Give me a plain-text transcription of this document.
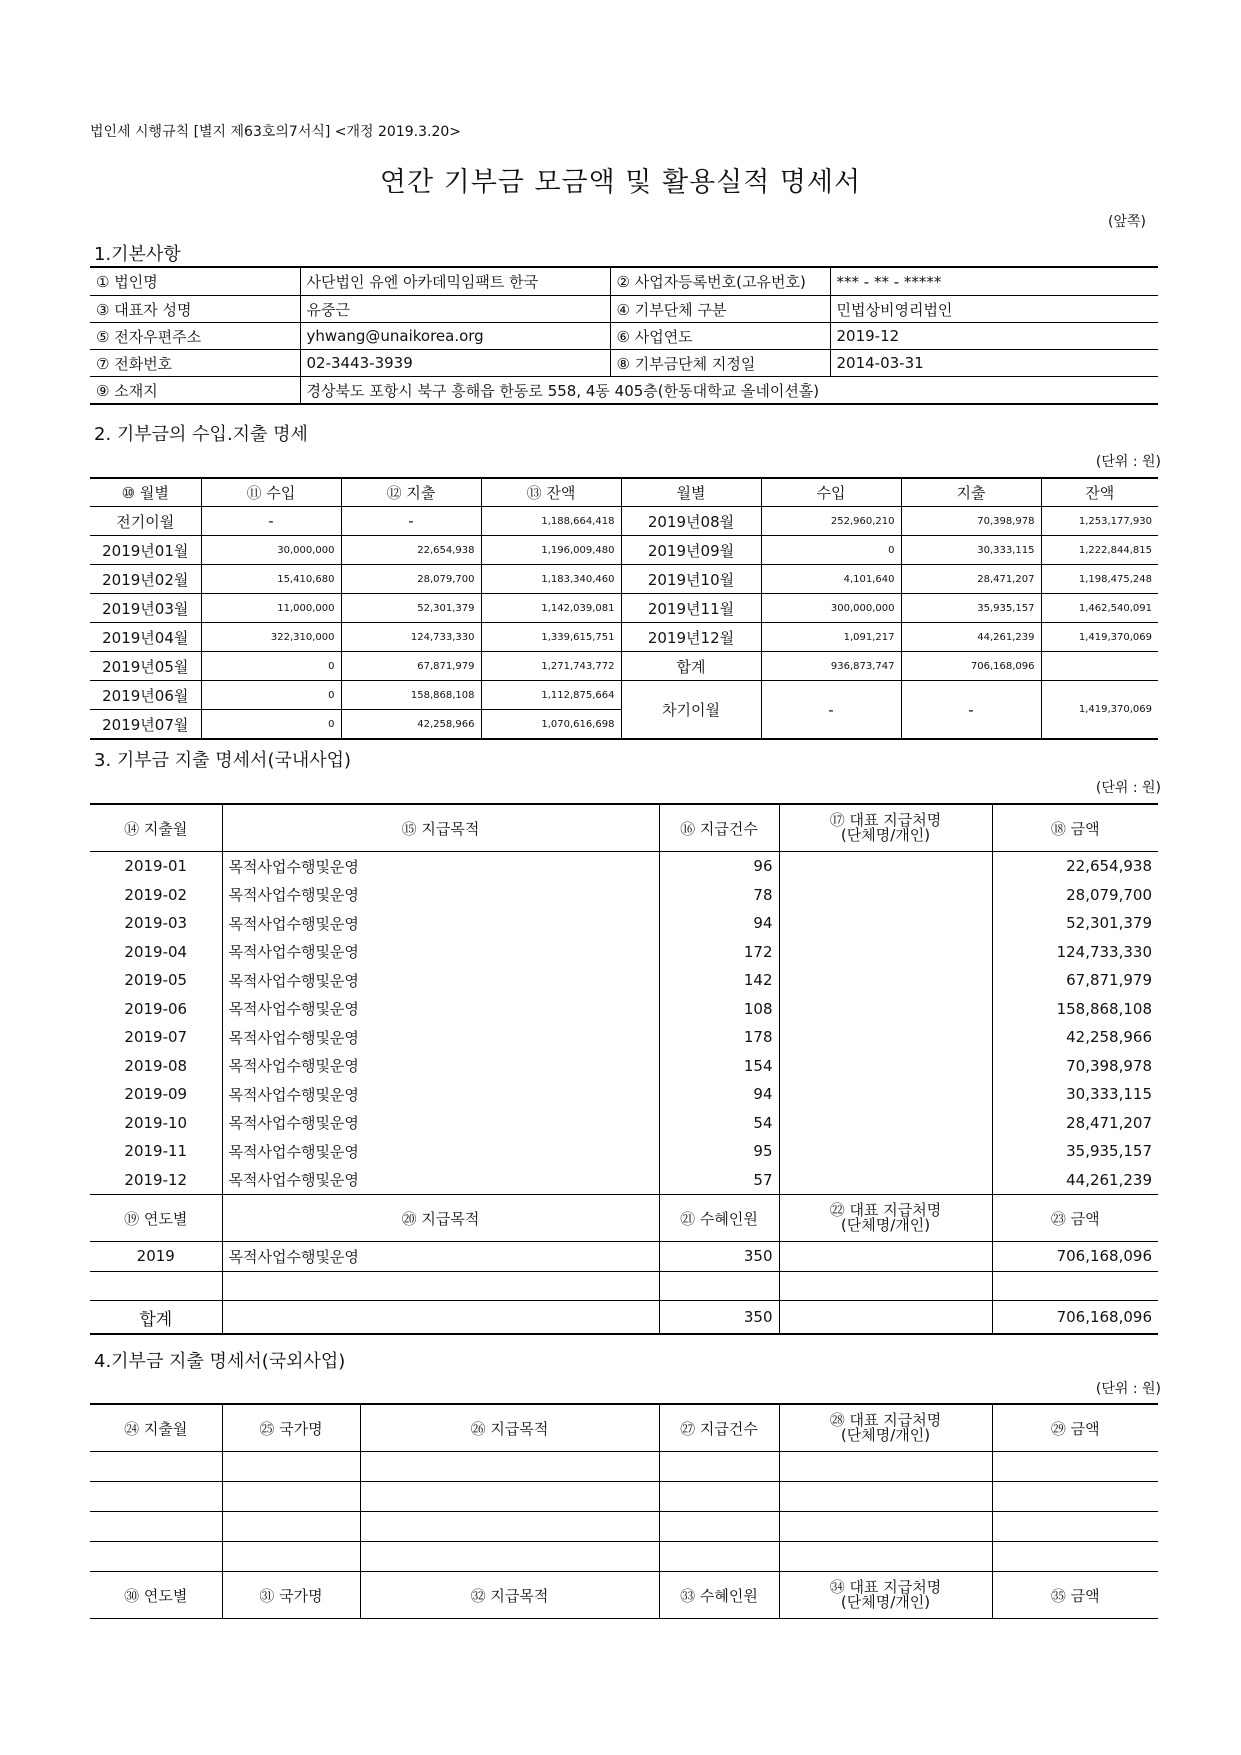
법인세 시행규칙 [별지 제63호의7서식] <개정 2019.3.20>
연간 기부금 모금액 및 활용실적 명세서
(앞쪽)
1.기본사항
① 법인명	사단법인 유엔 아카데믹임팩트 한국	② 사업자등록번호(고유번호)	*** - ** - *****
③ 대표자 성명	유중근	④ 기부단체 구분	민법상비영리법인
⑤ 전자우편주소	yhwang@unaikorea.org	⑥ 사업연도	2019-12
⑦ 전화번호	02-3443-3939	⑧ 기부금단체 지정일	2014-03-31
⑨ 소재지	경상북도 포항시 북구 흥해읍 한동로 558, 4동 405층(한동대학교 올네이션홀)		
2. 기부금의 수입.지출 명세
(단위 : 원)
⑩ 월별	⑪ 수입	⑫ 지출	⑬ 잔액	월별	수입	지출	잔액
전기이월	-	-	1,188,664,418	2019년08월	252,960,210	70,398,978	1,253,177,930
2019년01월	30,000,000	22,654,938	1,196,009,480	2019년09월	0	30,333,115	1,222,844,815
2019년02월	15,410,680	28,079,700	1,183,340,460	2019년10월	4,101,640	28,471,207	1,198,475,248
2019년03월	11,000,000	52,301,379	1,142,039,081	2019년11월	300,000,000	35,935,157	1,462,540,091
2019년04월	322,310,000	124,733,330	1,339,615,751	2019년12월	1,091,217	44,261,239	1,419,370,069
2019년05월	0	67,871,979	1,271,743,772	합계	936,873,747	706,168,096	
2019년06월	0	158,868,108	1,112,875,664	차기이월	-	-	1,419,370,069
2019년07월	0	42,258,966	1,070,616,698				
3. 기부금 지출 명세서(국내사업)
(단위 : 원)
⑭ 지출월	⑮ 지급목적	⑯ 지급건수	⑰ 대표 지급처명
(단체명/개인)	⑱ 금액
2019-01	목적사업수행및운영	96		22,654,938
2019-02	목적사업수행및운영	78		28,079,700
2019-03	목적사업수행및운영	94		52,301,379
2019-04	목적사업수행및운영	172		124,733,330
2019-05	목적사업수행및운영	142		67,871,979
2019-06	목적사업수행및운영	108		158,868,108
2019-07	목적사업수행및운영	178		42,258,966
2019-08	목적사업수행및운영	154		70,398,978
2019-09	목적사업수행및운영	94		30,333,115
2019-10	목적사업수행및운영	54		28,471,207
2019-11	목적사업수행및운영	95		35,935,157
2019-12	목적사업수행및운영	57		44,261,239
⑲ 연도별	⑳ 지급목적	㉑ 수혜인원	㉒ 대표 지급처명
(단체명/개인)	㉓ 금액
2019	목적사업수행및운영	350		706,168,096

합계		350		706,168,096
4.기부금 지출 명세서(국외사업)
(단위 : 원)
㉔ 지출월	㉕ 국가명	㉖ 지급목적	㉗ 지급건수	㉘ 대표 지급처명
(단체명/개인)	㉙ 금액

㉚ 연도별	㉛ 국가명	㉜ 지급목적	㉝ 수혜인원	㉞ 대표 지급처명
(단체명/개인)	㉟ 금액
